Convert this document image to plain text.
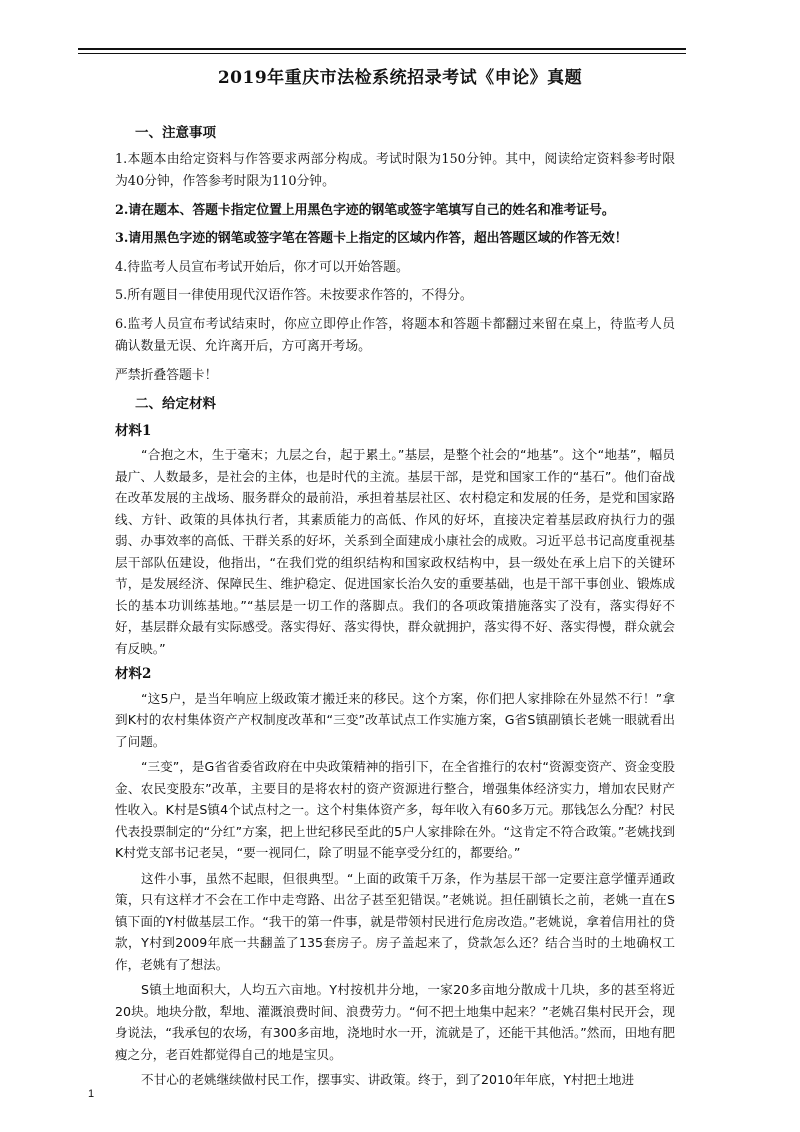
2019年重庆市法检系统招录考试《申论》真题
一、注意事项

1.本题本由给定资料与作答要求两部分构成。考试时限为150分钟。其中，阅读给定资料参考时限为40分钟，作答参考时限为110分钟。

2.请在题本、答题卡指定位置上用黑色字迹的钢笔或签字笔填写自己的姓名和准考证号。

3.请用黑色字迹的钢笔或签字笔在答题卡上指定的区域内作答，超出答题区域的作答无效！

4.待监考人员宣布考试开始后，你才可以开始答题。

5.所有题目一律使用现代汉语作答。未按要求作答的，不得分。

6.监考人员宣布考试结束时，你应立即停止作答，将题本和答题卡都翻过来留在桌上，待监考人员确认数量无误、允许离开后，方可离开考场。

严禁折叠答题卡！

二、给定材料
材料1

“合抱之木，生于毫末；九层之台，起于累土。”基层，是整个社会的“地基”。这个“地基”，幅员最广、人数最多，是社会的主体，也是时代的主流。基层干部，是党和国家工作的“基石”。他们奋战在改革发展的主战场、服务群众的最前沿，承担着基层社区、农村稳定和发展的任务，是党和国家路线、方针、政策的具体执行者，其素质能力的高低、作风的好坏，直接决定着基层政府执行力的强弱、办事效率的高低、干群关系的好坏，关系到全面建成小康社会的成败。习近平总书记高度重视基层干部队伍建设，他指出，“在我们党的组织结构和国家政权结构中，县一级处在承上启下的关键环节，是发展经济、保障民生、维护稳定、促进国家长治久安的重要基础，也是干部干事创业、锻炼成长的基本功训练基地。”“基层是一切工作的落脚点。我们的各项政策措施落实了没有，落实得好不好，基层群众最有实际感受。落实得好、落实得快，群众就拥护，落实得不好、落实得慢，群众就会有反映。”

材料2

“这5户，是当年响应上级政策才搬迁来的移民。这个方案，你们把人家排除在外显然不行！”拿到K村的农村集体资产产权制度改革和“三变”改革试点工作实施方案，G省S镇副镇长老姚一眼就看出了问题。

“三变”，是G省省委省政府在中央政策精神的指引下，在全省推行的农村“资源变资产、资金变股金、农民变股东”改革，主要目的是将农村的资产资源进行整合，增强集体经济实力，增加农民财产性收入。K村是S镇4个试点村之一。这个村集体资产多，每年收入有60多万元。那钱怎么分配？村民代表投票制定的“分红”方案，把上世纪移民至此的5户人家排除在外。“这肯定不符合政策。”老姚找到K村党支部书记老吴，“要一视同仁，除了明显不能享受分红的，都要给。”

这件小事，虽然不起眼，但很典型。“上面的政策千万条，作为基层干部一定要注意学懂弄通政策，只有这样才不会在工作中走弯路、出岔子甚至犯错误。”老姚说。担任副镇长之前，老姚一直在S镇下面的Y村做基层工作。“我干的第一件事，就是带领村民进行危房改造。”老姚说，拿着信用社的贷款，Y村到2009年底一共翻盖了135套房子。房子盖起来了，贷款怎么还？结合当时的土地确权工作，老姚有了想法。

S镇土地面积大，人均五六亩地。Y村按机井分地，一家20多亩地分散成十几块，多的甚至将近20块。地块分散，犁地、灌溉浪费时间、浪费劳力。“何不把土地集中起来？”老姚召集村民开会，现身说法，“我承包的农场，有300多亩地，浇地时水一开，流就是了，还能干其他活。”然而，田地有肥瘦之分，老百姓都觉得自己的地是宝贝。

不甘心的老姚继续做村民工作，摆事实、讲政策。终于，到了2010年年底，Y村把土地进

1
